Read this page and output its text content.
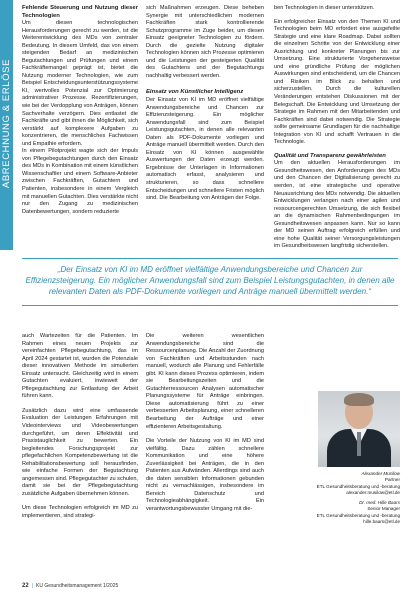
ABRECHNUNG & ERLÖSE
Fehlende Steuerung und Nutzung dieser Technologien

Um diesen technologischen Herausforderungen gerecht zu werden, ist die Weiterentwicklung des MDs von zentraler Bedeutung. In diesem Umfeld, das von einem steigenden Bedarf an medizinischen Begutachtungen und Prüfungen und einem Fachkräftemangel geprägt ist, bietet die Nutzung moderner Technologien, wie zum Beispiel Entscheidungsunterstützungssysteme KI, wertvolles Potenzial zur Optimierung administrativer Prozesse. Rezertifizierungen, wie bei der Verdopplung von Anträgen, können Sachverhalte verzögern. Dies entlastet die Fachkräfte und gibt ihnen die Möglichkeit, sich verstärkt auf komplexere Aufgaben zu konzentrieren, die menschliches Fachwissen und Empathie erfordern.

In einem Pilotprojekt wagte sich der Impuls von Pflegebegutachtungen durch den Einsatz des MDs in Kombination mit einem künstlichen Wissenschaftler und einem Software-Anbieter zwischen Fachkräften, Gutachtern und Patienten, insbesondere in einem Vergleich mit manuellen Gutachten. Dies verstärkte nicht nur den Zugang zu medizinischen Datenbewertungen, sondern reduzierte

sich Maßnahmen erzeugen. Diese beheben Synergie mit unterschiedlichen modernen Fachkräften stark kontrollierende Schutzprogramme im Zuge beider, um diesen Einsatz geeigneter Technologien zu fördern. Durch die gezielte Nutzung digitaler Technologien können sich Prozesse optimieren und die Leistungen der gesteigerten Qualität des Gutachtens und der Begutachtungs nachhaltig verbessert werden.

Einsatz von Künstlicher Intelligenz

Der Einsatz von KI im MD eröffnet vielfältige Anwendungsbereiche und Chancen zur Effizienzsteigerung. Ein möglicher Anwendungsfall sind zum Beispiel Leistungsgutachten, in denen alle relevanten Daten als PDF-Dokumente vorliegen und Anträge manuell übermittelt werden. Durch den Einsatz von KI können ausgewählte Auswertungen der Daten erzeugt werden. Ergebnisse der Unterlagen in Informationen automatisch erfasst, analysieren und strukturieren, so dass schnellere Entscheidungen und schnellere Fristen möglich sind. Die Bearbeitung von Anträgen der Folge.

ben Technologien in dieser unterstützen.

Ein erfolgreicher Einsatz von den Themen KI und Technologien beim MD erfordert eine ausgefeilte Strategie und eine klare Roadmap. Dabei sollten die einzelnen Schritte von der Entwicklung einer Ausrichtung und konkreter Planungen bis zur Umsetzung. Eine strukturierte Vorgehensweise und eine gründliche Prüfung der möglichen Auswirkungen sind entscheidend, um die Chancen und Risiken im Blick zu behalten und sicherzustellen. Durch die kulturellen Veränderungen entstehen Diskussionen mit der Belegschaft. Die Entwicklung und Umsetzung der Strategie im Rahmen mit den Mitarbeitenden und Fachkräften sind dabei notwendig. Die Strategie sollte gemeinsame Grundlagen für die nachhaltige Integration von KI und schafft Vertrauen in die Technologie.

Qualität und Transparenz gewährleisten

Um den aktuellen Herausforderungen im Gesundheitswesen, den Anforderungen des MDs und den Chancen der Digitalisierung gerecht zu werden, ist eine strategische und operative Neuausrichtung des MDs notwendig. Die aktuellen Entwicklungen verlangen nach einer agilen und ressourcengerechten Umsetzung, die sich flexibel an die dynamischen Rahmenbedingungen im Gesundheitswesen anpassen kann. Nur so kann der MD seinen Auftrag erfolgreich erfüllen und eine hohe Qualität seiner Versorgungsleistungen im Gesundheitswesen langfristig sicherstellen.

„Der Einsatz von KI im MD eröffnet vielfältige Anwendungsbereiche und Chancen zur Effizienzsteigerung. Ein möglicher Anwendungsfall sind zum Beispiel Leistungsgutachten, in denen alle relevanten Daten als PDF-Dokumente vorliegen und Anträge manuell übermittelt werden.“

auch Wartezeiten für die Patienten. Im Rahmen eines neuen Projekts zur vereinfachten Pflegebegutachtung, das im April 2024 gestartet ist, wurden die Potenziale dieser innovativen Methode im simulierten Einsatz untersucht. Gleichzeitig wird in einem Gutachten evaluiert, inwieweit der Pflegegutachtung zur Entlastung der Arbeit führen kann.

Zusätzlich dazu wird eine umfassende Evaluation der Leistungen Erfahrungen mit Videointerviews und Videobewertungen durchgeführt, um deren Effektivität und Praxistauglichkeit zu bewerten. Ein begleitendes Forschungsprojekt zur pflegefachlichen Kompetenzbewertung ist die Rehabilitationsbewertung soll herausfinden, wie einfache Formen der Begutachtung angemessen sind. Pflegegutachter zu schulen, damit sie bei der Pflegebegutachtung zusätzliche Aufgaben übernehmen können.

Um diese Technologien erfolgreich im MD zu implementieren, sind strategi-

Die weiteren wesentlichen Anwendungsbereiche sind die Ressourcenplanung. Die Anzahl der Zuordnung von Fachkräften und Arbeitsstunden nach manuell, wodurch alle Planung und Fehlerfälle gibt. KI kann dieses Prozess optimieren, indem sie Bearbeitungszeiten und die Gutachterressourcen Analysen automatischer Planungssysteme für Anträge einbringen. Diese automatisierung führt zu einer verbesserten Arbeitsplanung, einer schnelleren Bearbeitung der Aufträge und einer effizienteren Arbeitsgestaltung.

Die Vorteile der Nutzung von KI im MD sind vielfältig. Dazu zählen schnellere Kommunikation und eine höhere Zuverlässigkeit bei Anträgen, die in den Patienten aus Aufwänden. Allerdings sind auch die daten sensiblen Informationen gebunden nicht zu vernachlässigen, insbesondere im Bereich Datenschutz und Technologieabhängigkeit. Ein verantwortungsbewusster Umgang mit die-

Alexander Musilow

Partner

ETL Gesundheitsberatung und -beratung

alexander.musilow@etl.de

Dr. med. Hille Baars

Senior Manager

ETL Gesundheitsberatung und -beratung

hille.baars@etl.de

22 | KU Gesundheitsmanagement 1/2025
